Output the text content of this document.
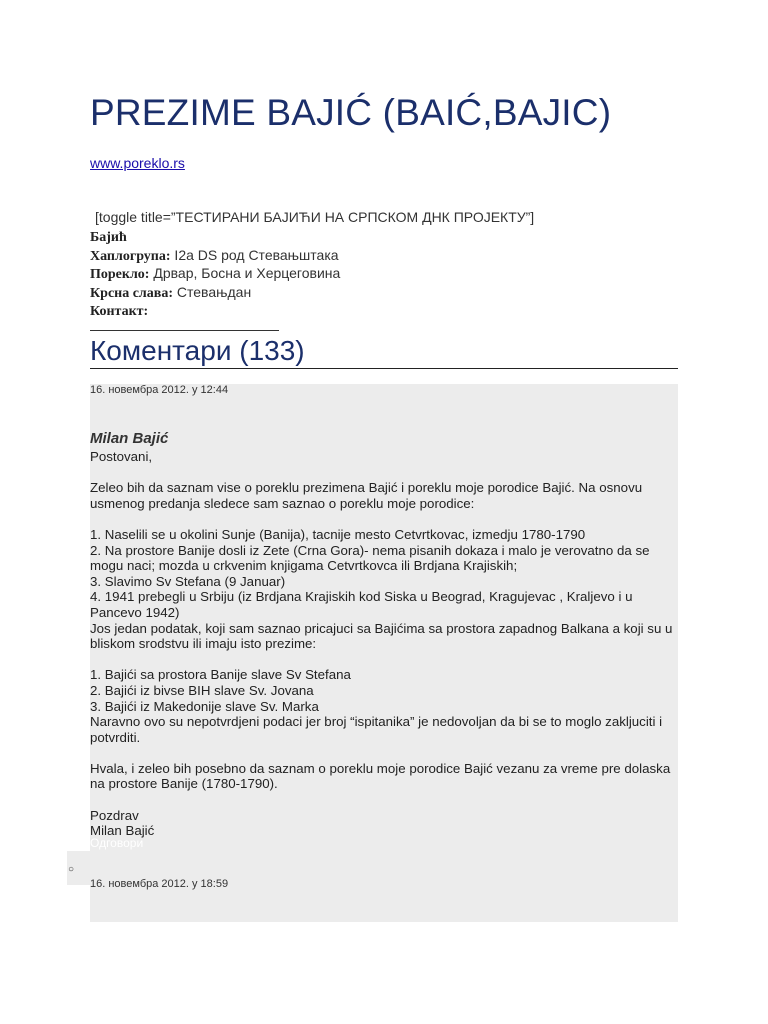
PREZIME BAJIĆ (BAIĆ,BAJIC)
www.poreklo.rs
[toggle title=”ТЕСТИРАНИ БАЈИЋИ НА СРПСКОМ ДНК ПРОЈЕКТУ”]
Бајић
Хаплогрупа: I2a DS род Стевањштака
Порекло: Дрвар, Босна и Херцеговина
Крсна слава: Стевањдан
Контакт:
Коментари (133)
16. новембра 2012. у 12:44
Milan Bajić

Postovani,

Zeleo bih da saznam vise o poreklu prezimena Bajić i poreklu moje porodice Bajić. Na osnovu usmenog predanja sledece sam saznao o poreklu moje porodice:

1. Naselili se u okolini Sunje (Banija), tacnije mesto Cetvrtkovac, izmedju 1780-1790

2. Na prostore Banije dosli iz Zete (Crna Gora)- nema pisanih dokaza i malo je verovatno da se mogu naci; mozda u crkvenim knjigama Cetvrtkovca ili Brdjana Krajiskih;

3. Slavimo Sv Stefana (9 Januar)

4. 1941 prebegli u Srbiju (iz Brdjana Krajiskih kod Siska u Beograd, Kragujevac , Kraljevo i u Pancevo 1942)

Jos jedan podatak, koji sam saznao pricajuci sa Bajićima sa prostora zapadnog Balkana a koji su u bliskom srodstvu ili imaju isto prezime:

1. Bajići sa prostora Banije slave Sv Stefana

2. Bajići iz bivse BIH slave Sv. Jovana

3. Bajići iz Makedonije slave Sv. Marka

Naravno ovo su nepotvrdjeni podaci jer broj “ispitanika” je nedovoljan da bi se to moglo zakljuciti i potvrditi.

Hvala, i zeleo bih posebno da saznam o poreklu moje porodice Bajić vezanu za vreme pre dolaska na prostore Banije (1780-1790).

Pozdrav

Milan Bajić

Одговори
○
16. новембра 2012. у 18:59
